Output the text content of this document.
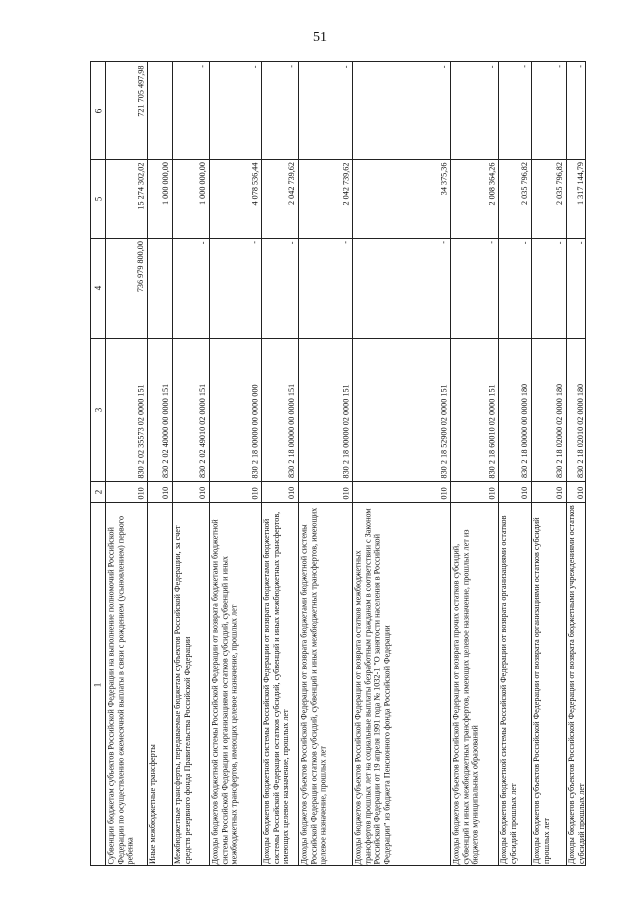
51
6
5
4
3
2
1 Субвенции бюджетам субъектов Российской Федерации на выполнение полномочий Российской Федерации по осуществлению ежемесячной выплаты в связи с рождением (усыновлением) первого ребенка
010
830 2 02 35573 02 0000 151
736 979 800,00
15 274 302,02
721 705 497,98
Иные межбюджетные трансферты
010
830 2 02 40000 00 0000 151
1 000 000,00
Межбюджетные трансферты, передаваемые бюджетам субъектов Российской Федерации, за счет средств резервного фонда Правительства Российской Федерации
010
830 2 02 49010 02 0000 151
-
1 000 000,00
-
Доходы бюджетов бюджетной системы Российской Федерации от возврата бюджетами бюджетной системы Российской Федерации и организациями остатков субсидий, субвенций и иных межбюджетных трансфертов, имеющих целевое назначение, прошлых лет
010
830 2 18 00000 00 0000 000
-
4 078 536,44
-
Доходы бюджетов бюджетной системы Российской Федерации от возврата бюджетами бюджетной системы Российской Федерации остатков субсидий, субвенций и иных межбюджетных трансфертов, имеющих целевое назначение, прошлых лет
010
830 2 18 00000 00 0000 151
-
2 042 739,62
-
Доходы бюджетов субъектов Российской Федерации от возврата бюджетами бюджетной системы Российской Федерации остатков субсидий, субвенций и иных межбюджетных трансфертов, имеющих целевое назначение, прошлых лет
010
830 2 18 00000 02 0000 151
-
2 042 739,62
-
Доходы бюджетов субъектов Российской Федерации от возврата остатков межбюджетных трансфертов прошлых лет на социальные выплаты безработным гражданам в соответствии с Законом Российской Федерации от 19 апреля 1991 года № 1032-1 "О занятости населения в Российской Федерации" из бюджета Пенсионного фонда Российской Федерации
010
830 2 18 52900 02 0000 151
-
34 375,36
-
Доходы бюджетов субъектов Российской Федерации от возврата прочих остатков субсидий, субвенций и иных межбюджетных трансфертов, имеющих целевое назначение, прошлых лет из бюджетов муниципальных образований
010
830 2 18 60010 02 0000 151
-
2 008 364,26
-
Доходы бюджетов бюджетной системы Российской Федерации от возврата организациями остатков субсидий прошлых лет
010
830 2 18 00000 00 0000 180
-
2 035 796,82
-
Доходы бюджетов субъектов Российской Федерации от возврата организациями остатков субсидий прошлых лет
010
830 2 18 02000 02 0000 180
-
2 035 796,82
-
Доходы бюджетов субъектов Российской Федерации от возврата бюджетными учреждениями остатков субсидий прошлых лет
010
830 2 18 02010 02 0000 180
-
1 317 144,79
-
